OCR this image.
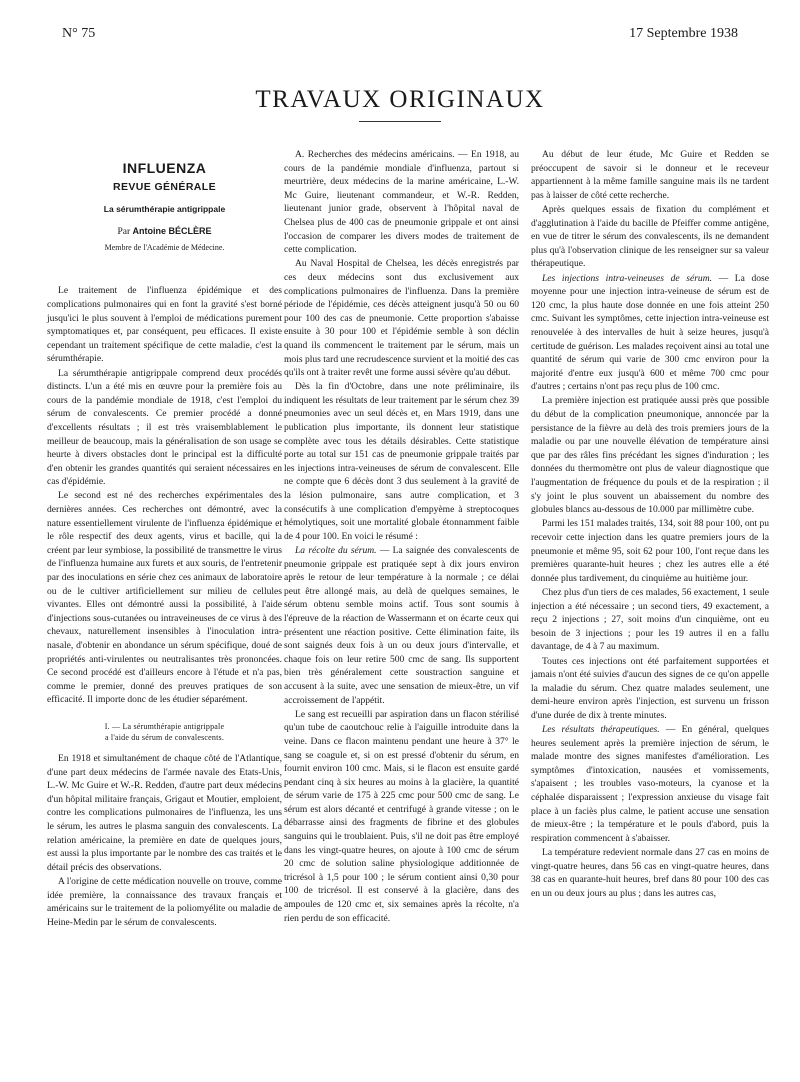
N° 75	17 Septembre 1938
TRAVAUX ORIGINAUX
INFLUENZA
REVUE GÉNÉRALE
La sérumthérapie antigrippale
Par Antoine BÉCLÈRE
Membre de l'Académie de Médecine.

Le traitement de l'influenza épidémique et des complications pulmonaires qui en font la gravité s'est borné jusqu'ici le plus souvent à l'emploi de médications purement symptomatiques et, par conséquent, peu efficaces. Il existe cependant un traitement spécifique de cette maladie, c'est la sérumthérapie.

La sérumthérapie antigrippale comprend deux procédés distincts. L'un a été mis en œuvre pour la première fois au cours de la pandémie mondiale de 1918, c'est l'emploi du sérum de convalescents. Ce premier procédé a donné d'excellents résultats ; il est très vraisemblablement le meilleur de beaucoup, mais la généralisation de son usage se heurte à divers obstacles dont le principal est la difficulté d'en obtenir les grandes quantités qui seraient nécessaires en cas d'épidémie.

Le second est né des recherches expérimentales des dernières années. Ces recherches ont démontré, avec la nature essentiellement virulente de l'influenza épidémique et le rôle respectif des deux agents, virus et bacille, qui la créent par leur symbiose, la possibilité de transmettre le virus de l'influenza humaine aux furets et aux souris, de l'entretenir par des inoculations en série chez ces animaux de laboratoire ou de le cultiver artificiellement sur milieu de cellules vivantes. Elles ont démontré aussi la possibilité, à l'aide d'injections sous-cutanées ou intraveineuses de ce virus à des chevaux, naturellement insensibles à l'inoculation intra-nasale, d'obtenir en abondance un sérum spécifique, doué de propriétés anti-virulentes ou neutralisantes très prononcées. Ce second procédé est d'ailleurs encore à l'étude et n'a pas, comme le premier, donné des preuves pratiques de son efficacité. Il importe donc de les étudier séparément.

I. — La sérumthérapie antigrippale
a l'aide du sérum de convalescents.

En 1918 et simultanément de chaque côté de l'Atlantique, d'une part deux médecins de l'armée navale des Etats-Unis, L.-W. Mc Guire et W.-R. Redden, d'autre part deux médecins d'un hôpital militaire français, Grigaut et Moutier, emploient, contre les complications pulmonaires de l'influenza, les uns le sérum, les autres le plasma sanguin des convalescents. La relation américaine, la première en date de quelques jours, est aussi la plus importante par le nombre des cas traités et le détail précis des observations.

A l'origine de cette médication nouvelle on trouve, comme idée première, la connaissance des travaux français et américains sur le traitement de la poliomyélite ou maladie de Heine-Medin par le sérum de convalescents.

A. Recherches des médecins américains. — En 1918, au cours de la pandémie mondiale d'influenza, partout si meurtrière, deux médecins de la marine américaine, L.-W. Mc Guire, lieutenant commandeur, et W.-R. Redden, lieutenant junior grade, observent à l'hôpital naval de Chelsea plus de 400 cas de pneumonie grippale et ont ainsi l'occasion de comparer les divers modes de traitement de cette complication.

Au Naval Hospital de Chelsea, les décès enregistrés par ces deux médecins sont dus exclusivement aux complications pulmonaires de l'influenza. Dans la première période de l'épidémie, ces décès atteignent jusqu'à 50 ou 60 pour 100 des cas de pneumonie. Cette proportion s'abaisse ensuite à 30 pour 100 et l'épidémie semble à son déclin quand ils commencent le traitement par le sérum, mais un mois plus tard une recrudescence survient et la moitié des cas qu'ils ont à traiter revêt une forme aussi sévère qu'au début.

Dès la fin d'Octobre, dans une note préliminaire, ils indiquent les résultats de leur traitement par le sérum chez 39 pneumonies avec un seul décès et, en Mars 1919, dans une publication plus importante, ils donnent leur statistique complète avec tous les détails désirables. Cette statistique porte au total sur 151 cas de pneumonie grippale traités par les injections intra-veineuses de sérum de convalescent. Elle ne compte que 6 décès dont 3 dus seulement à la gravité de la lésion pulmonaire, sans autre complication, et 3 consécutifs à une complication d'empyème à streptocoques hémolytiques, soit une mortalité globale étonnamment faible de 4 pour 100. En voici le résumé :

La récolte du sérum. — La saignée des convalescents de pneumonie grippale est pratiquée sept à dix jours environ après le retour de leur température à la normale ; ce délai peut être allongé mais, au delà de quelques semaines, le sérum obtenu semble moins actif. Tous sont soumis à l'épreuve de la réaction de Wassermann et on écarte ceux qui présentent une réaction positive. Cette élimination faite, ils sont saignés deux fois à un ou deux jours d'intervalle, et chaque fois on leur retire 500 cmc de sang. Ils supportent bien très généralement cette soustraction sanguine et accusent à la suite, avec une sensation de mieux-être, un vif accroissement de l'appétit.

Le sang est recueilli par aspiration dans un flacon stérilisé qu'un tube de caoutchouc relie à l'aiguille introduite dans la veine. Dans ce flacon maintenu pendant une heure à 37° le sang se coagule et, si on est pressé d'obtenir du sérum, en fournit environ 100 cmc. Mais, si le flacon est ensuite gardé pendant cinq à six heures au moins à la glacière, la quantité de sérum varie de 175 à 225 cmc pour 500 cmc de sang. Le sérum est alors décanté et centrifugé à grande vitesse ; on le débarrasse ainsi des fragments de fibrine et des globules sanguins qui le troublaient. Puis, s'il ne doit pas être employé dans les vingt-quatre heures, on ajoute à 100 cmc de sérum 20 cmc de solution saline physiologique additionnée de tricrésol à 1,5 pour 100 ; le sérum contient ainsi 0,30 pour 100 de tricrésol. Il est conservé à la glacière, dans des ampoules de 120 cmc et, six semaines après la récolte, n'a rien perdu de son efficacité.

Au début de leur étude, Mc Guire et Redden se préoccupent de savoir si le donneur et le receveur appartiennent à la même famille sanguine mais ils ne tardent pas à laisser de côté cette recherche.

Après quelques essais de fixation du complément et d'agglutination à l'aide du bacille de Pfeiffer comme antigène, en vue de titrer le sérum des convalescents, ils ne demandent plus qu'à l'observation clinique de les renseigner sur sa valeur thérapeutique.

Les injections intra-veineuses de sérum. — La dose moyenne pour une injection intra-veineuse de sérum est de 120 cmc, la plus haute dose donnée en une fois atteint 250 cmc. Suivant les symptômes, cette injection intra-veineuse est renouvelée à des intervalles de huit à seize heures, jusqu'à certitude de guérison. Les malades reçoivent ainsi au total une quantité de sérum qui varie de 300 cmc environ pour la majorité d'entre eux jusqu'à 600 et même 700 cmc pour d'autres ; certains n'ont pas reçu plus de 100 cmc.

La première injection est pratiquée aussi près que possible du début de la complication pneumonique, annoncée par la persistance de la fièvre au delà des trois premiers jours de la maladie ou par une nouvelle élévation de température ainsi que par des râles fins précédant les signes d'induration ; les données du thermomètre ont plus de valeur diagnostique que l'augmentation de fréquence du pouls et de la respiration ; il s'y joint le plus souvent un abaissement du nombre des globules blancs au-dessous de 10.000 par millimètre cube.

Parmi les 151 malades traités, 134, soit 88 pour 100, ont pu recevoir cette injection dans les quatre premiers jours de la pneumonie et même 95, soit 62 pour 100, l'ont reçue dans les premières quarante-huit heures ; chez les autres elle a été donnée plus tardivement, du cinquième au huitième jour.

Chez plus d'un tiers de ces malades, 56 exactement, 1 seule injection a été nécessaire ; un second tiers, 49 exactement, a reçu 2 injections ; 27, soit moins d'un cinquième, ont eu besoin de 3 injections ; pour les 19 autres il en a fallu davantage, de 4 à 7 au maximum.

Toutes ces injections ont été parfaitement supportées et jamais n'ont été suivies d'aucun des signes de ce qu'on appelle la maladie du sérum. Chez quatre malades seulement, une demi-heure environ après l'injection, est survenu un frisson d'une durée de dix à trente minutes.

Les résultats thérapeutiques. — En général, quelques heures seulement après la première injection de sérum, le malade montre des signes manifestes d'amélioration. Les symptômes d'intoxication, nausées et vomissements, s'apaisent ; les troubles vaso-moteurs, la cyanose et la céphalée disparaissent ; l'expression anxieuse du visage fait place à un faciès plus calme, le patient accuse une sensation de mieux-être ; la température et le pouls d'abord, puis la respiration commencent à s'abaisser.

La température redevient normale dans 27 cas en moins de vingt-quatre heures, dans 56 cas en vingt-quatre heures, dans 38 cas en quarante-huit heures, bref dans 80 pour 100 des cas en un ou deux jours au plus ; dans les autres cas,
